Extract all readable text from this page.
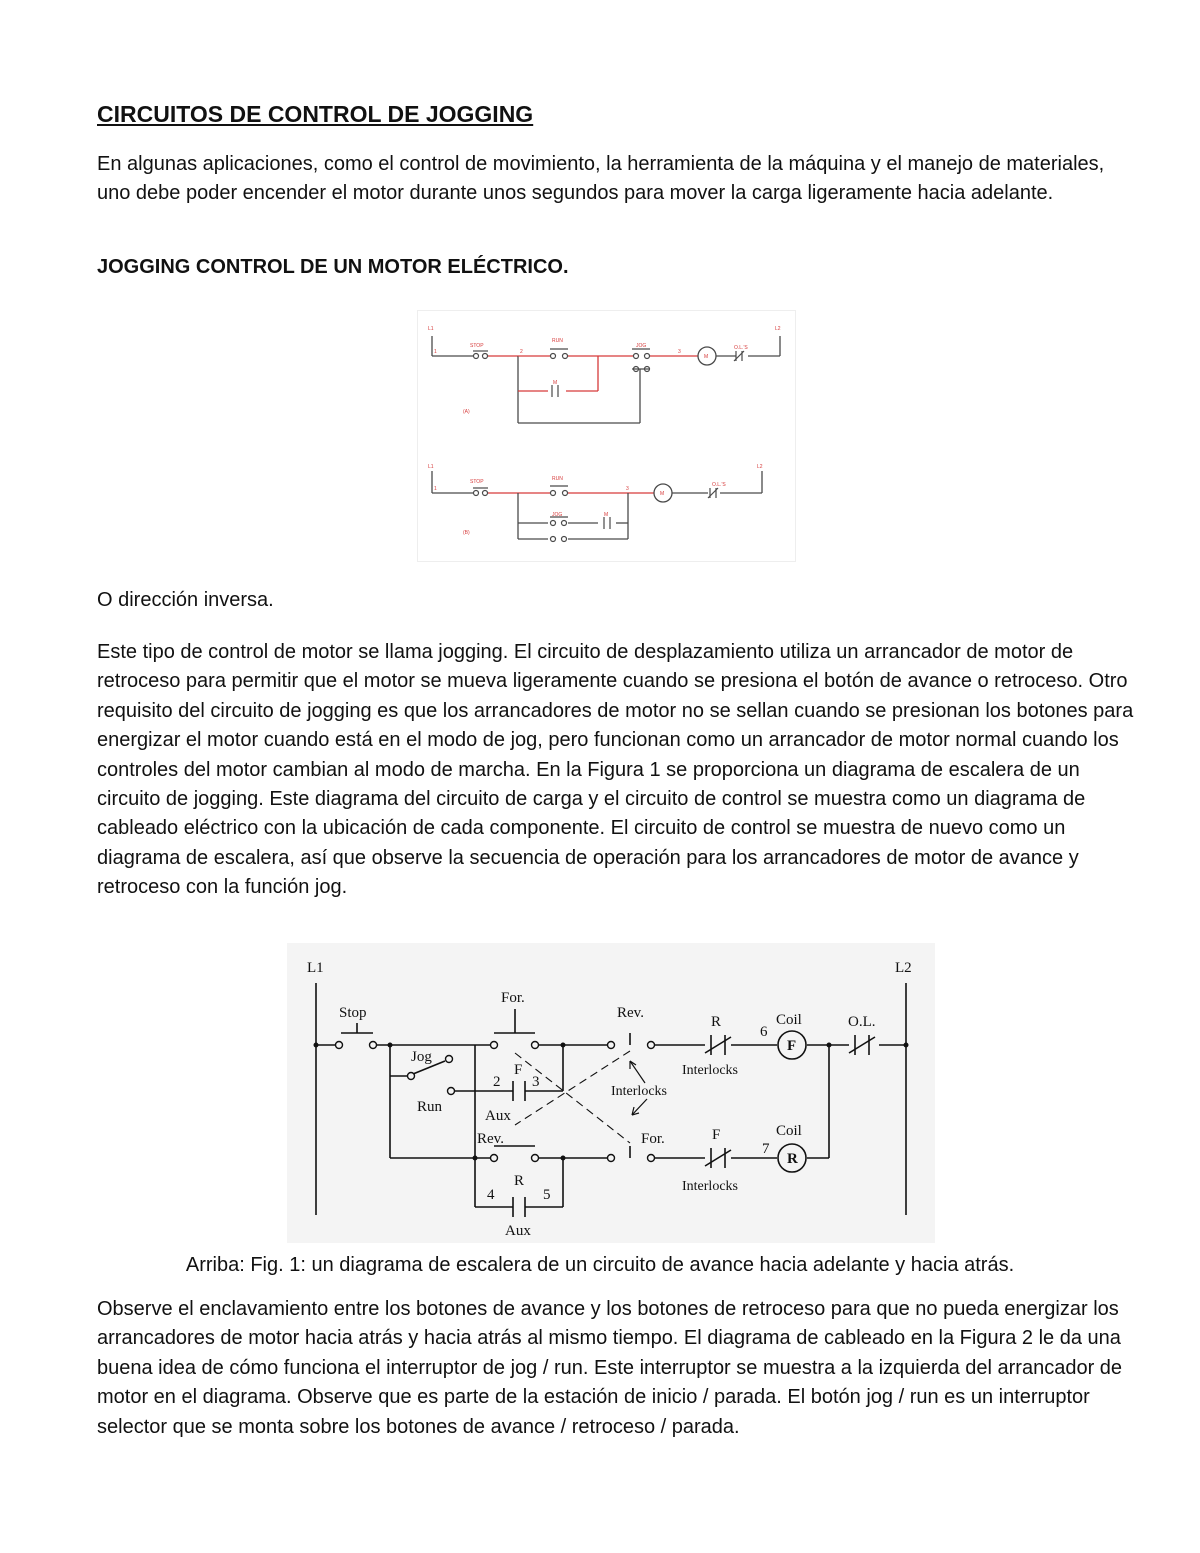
CIRCUITOS DE CONTROL DE JOGGING
En algunas aplicaciones, como el control de movimiento, la herramienta de la máquina y el manejo de materiales, uno debe poder encender el motor durante unos segundos para mover la carga ligeramente hacia adelante.
JOGGING CONTROL DE UN MOTOR ELÉCTRICO.
L1	L2
STOP
RUN
JOG
M
O.L.'S
M
(A)
1	2	3
L1	L2
STOP	RUN
M
O.L.'S
JOG	M
(B)
1	3
O dirección inversa.
Este tipo de control de motor se llama jogging. El circuito de desplazamiento utiliza un arrancador de motor de retroceso para permitir que el motor se mueva ligeramente cuando se presiona el botón de avance o retroceso. Otro requisito del circuito de jogging es que los arrancadores de motor no se sellan cuando se presionan los botones para energizar el motor cuando está en el modo de jog, pero funcionan como un arrancador de motor normal cuando los controles del motor cambian al modo de marcha. En la Figura 1 se proporciona un diagrama de escalera de un circuito de jogging. Este diagrama del circuito de carga y el circuito de control se muestra como un diagrama de cableado eléctrico con la ubicación de cada componente. El circuito de control se muestra de nuevo como un diagrama de escalera, así que observe la secuencia de operación para los arrancadores de motor de avance y retroceso con la función jog.
L1	L2
Stop
For.
Rev.
R
6
Coil
F
O.L.
Jog
Run
2
F
3
Aux
Interlocks
Interlocks
Rev.	For.	F
7
Coil
R
Interlocks
4
R
5
Aux
Arriba: Fig. 1: un diagrama de escalera de un circuito de avance hacia adelante y hacia atrás.
Observe el enclavamiento entre los botones de avance y los botones de retroceso para que no pueda energizar los arrancadores de motor hacia atrás y hacia atrás al mismo tiempo. El diagrama de cableado en la Figura 2 le da una buena idea de cómo funciona el interruptor de jog / run. Este interruptor se muestra a la izquierda del arrancador de motor en el diagrama. Observe que es parte de la estación de inicio / parada. El botón jog / run es un interruptor selector que se monta sobre los botones de avance / retroceso / parada.
